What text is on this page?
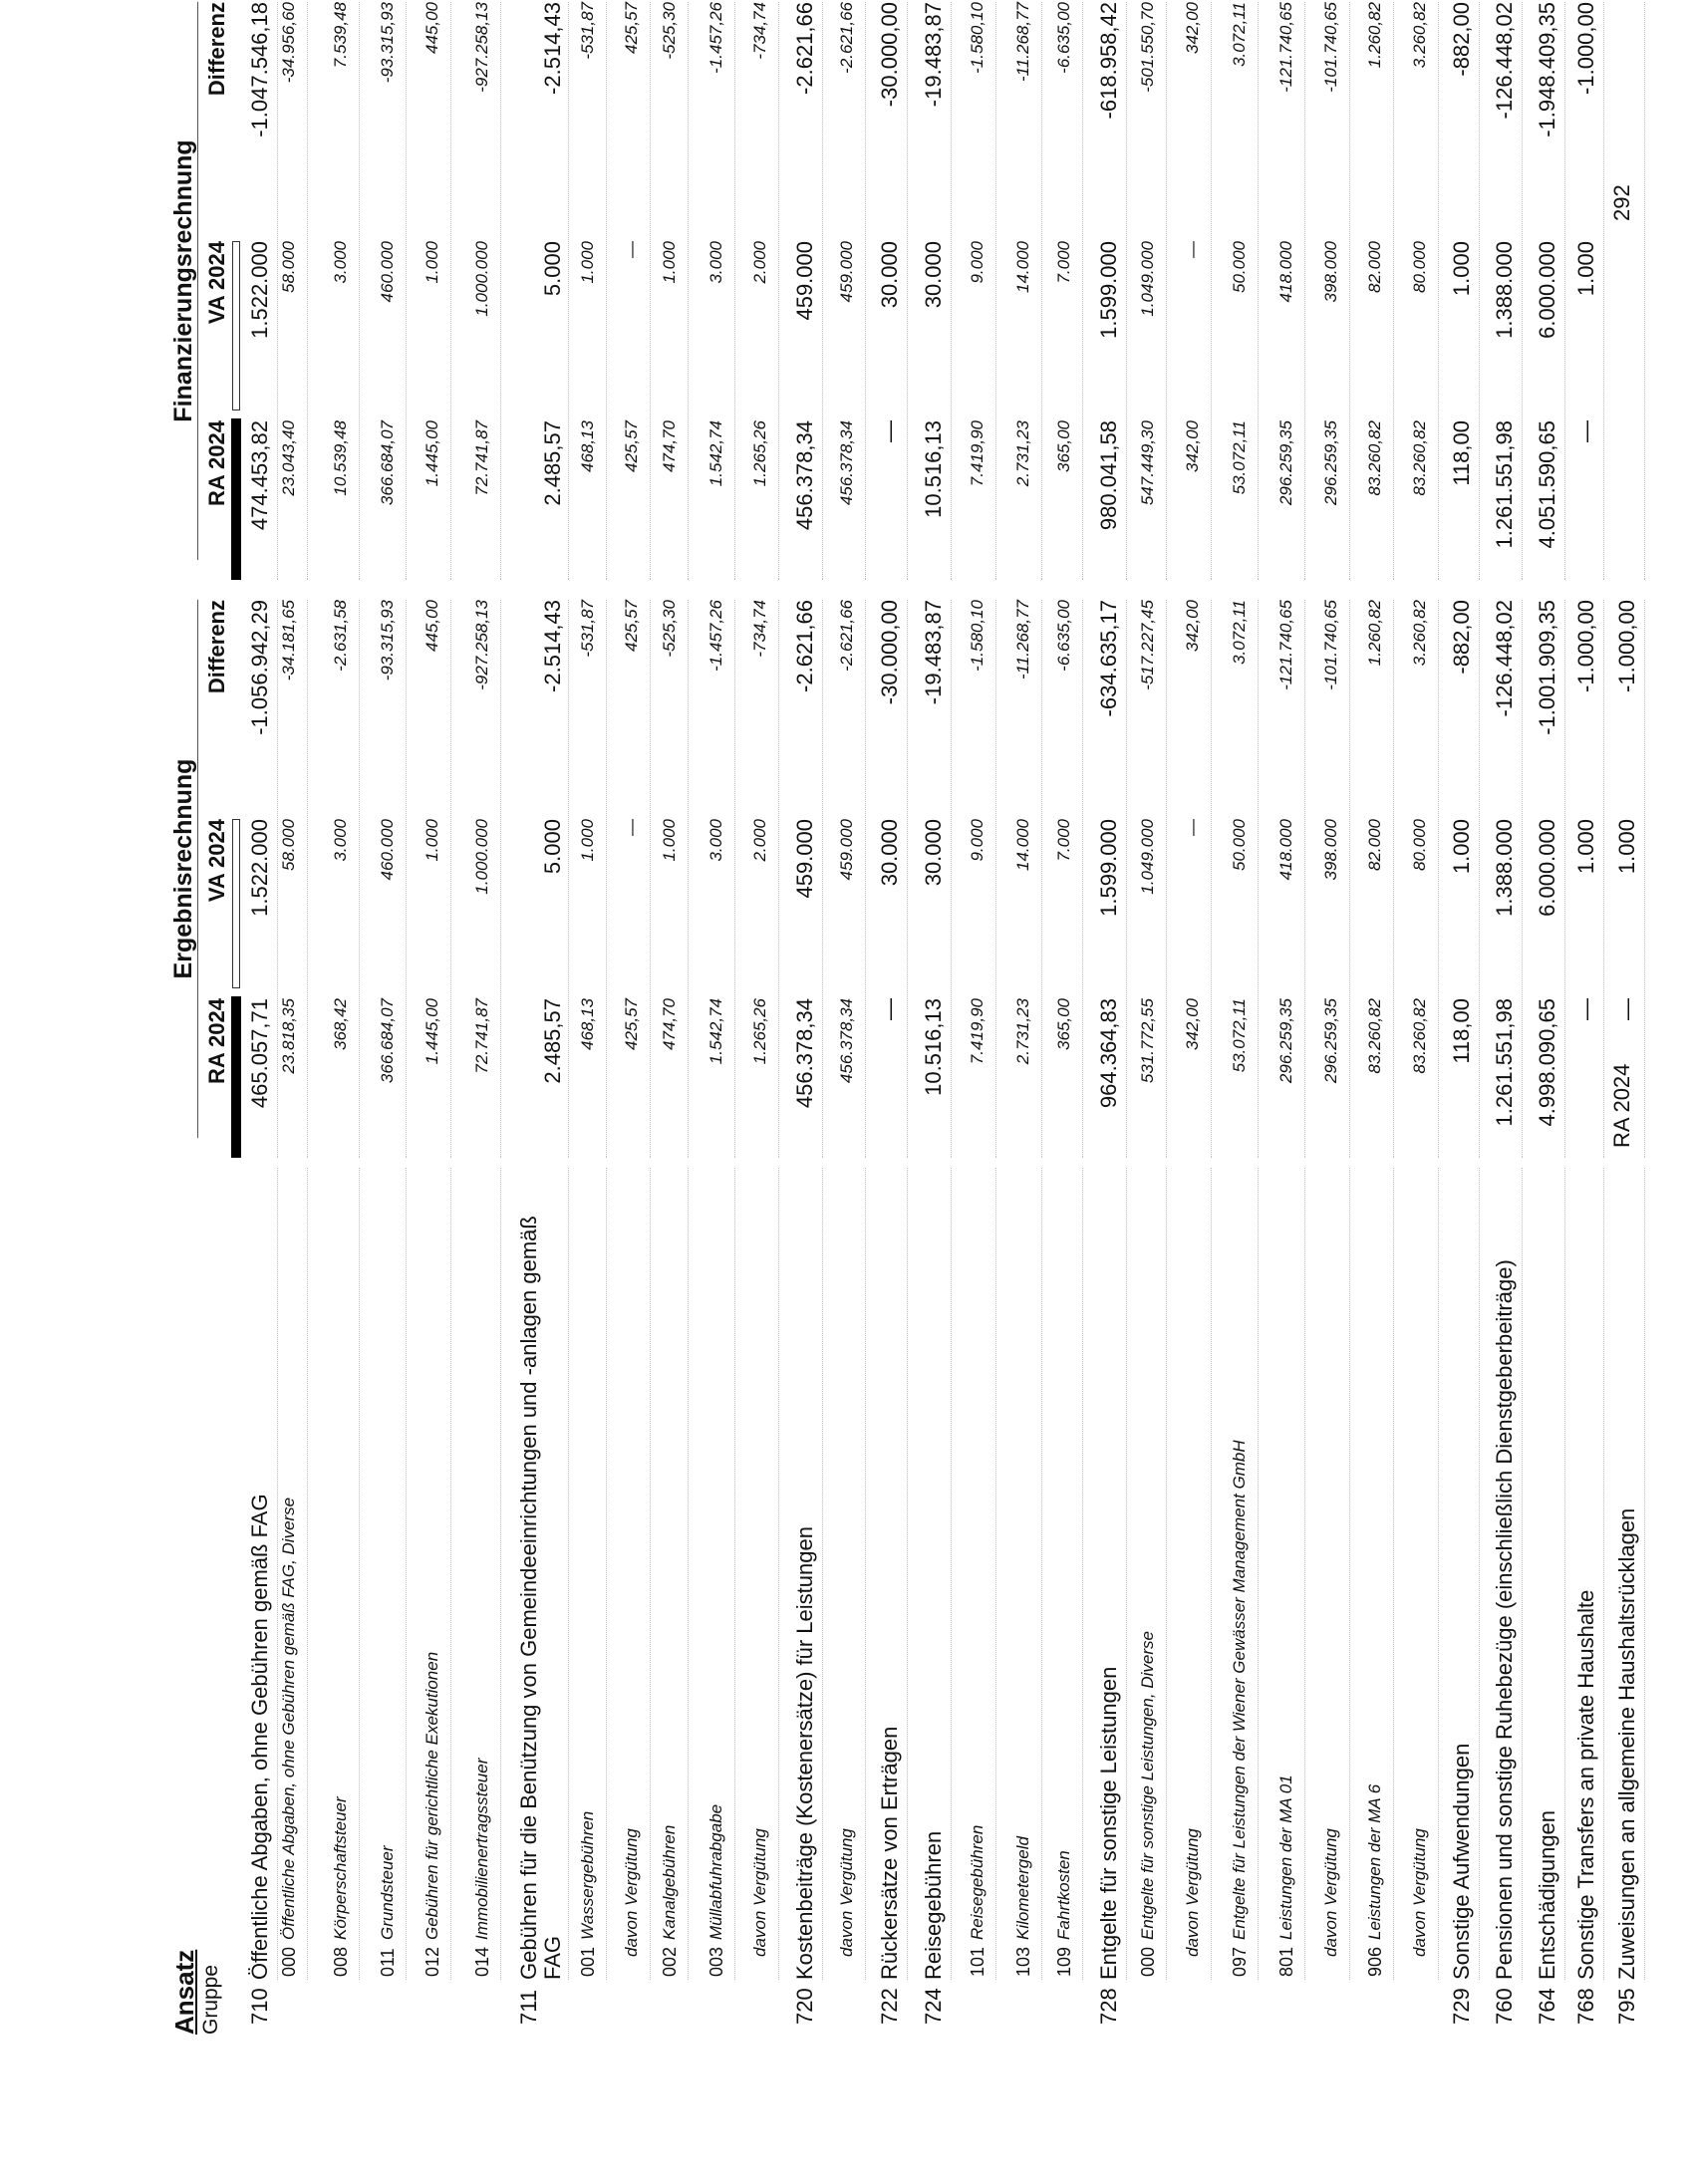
Ansatz Gruppe
Ergebnisrechnung
Finanzierungsrechnung
RA 2024
VA 2024
Differenz
RA 2024
VA 2024
Differenz
710
Öffentliche Abgaben, ohne Gebühren gemäß FAG
465.057,71
1.522.000
-1.056.942,29
474.453,82
1.522.000
-1.047.546,18
000
Öffentliche Abgaben, ohne Gebühren gemäß FAG, Diverse
23.818,35
58.000
-34.181,65
23.043,40
58.000
-34.956,60
008
Körperschaftsteuer
368,42
3.000
-2.631,58
10.539,48
3.000
7.539,48
011
Grundsteuer
366.684,07
460.000
-93.315,93
366.684,07
460.000
-93.315,93
012
Gebühren für gerichtliche Exekutionen
1.445,00
1.000
445,00
1.445,00
1.000
445,00
014
Immobilienertragssteuer
72.741,87
1.000.000
-927.258,13
72.741,87
1.000.000
-927.258,13
711
Gebühren für die Benützung von Gemeindeeinrichtungen und -anlagen gemäß FAG
2.485,57
5.000
-2.514,43
2.485,57
5.000
-2.514,43
001
Wassergebühren
468,13
1.000
-531,87
468,13
1.000
-531,87
davon Vergütung
425,57
—
425,57
425,57
—
425,57
002
Kanalgebühren
474,70
1.000
-525,30
474,70
1.000
-525,30
003
Müllabfuhrabgabe
1.542,74
3.000
-1.457,26
1.542,74
3.000
-1.457,26
davon Vergütung
1.265,26
2.000
-734,74
1.265,26
2.000
-734,74
720
Kostenbeiträge (Kostenersätze) für Leistungen
456.378,34
459.000
-2.621,66
456.378,34
459.000
-2.621,66
davon Vergütung
456.378,34
459.000
-2.621,66
456.378,34
459.000
-2.621,66
722
Rückersätze von Erträgen
—
30.000
-30.000,00
—
30.000
-30.000,00
724
Reisegebühren
10.516,13
30.000
-19.483,87
10.516,13
30.000
-19.483,87
101
Reisegebühren
7.419,90
9.000
-1.580,10
7.419,90
9.000
-1.580,10
103
Kilometergeld
2.731,23
14.000
-11.268,77
2.731,23
14.000
-11.268,77
109
Fahrtkosten
365,00
7.000
-6.635,00
365,00
7.000
-6.635,00
728
Entgelte für sonstige Leistungen
964.364,83
1.599.000
-634.635,17
980.041,58
1.599.000
-618.958,42
000
Entgelte für sonstige Leistungen, Diverse
531.772,55
1.049.000
-517.227,45
547.449,30
1.049.000
-501.550,70
davon Vergütung
342,00
—
342,00
342,00
—
342,00
097
Entgelte für Leistungen der Wiener Gewässer Management GmbH
53.072,11
50.000
3.072,11
53.072,11
50.000
3.072,11
801
Leistungen der MA 01
296.259,35
418.000
-121.740,65
296.259,35
418.000
-121.740,65
davon Vergütung
296.259,35
398.000
-101.740,65
296.259,35
398.000
-101.740,65
906
Leistungen der MA 6
83.260,82
82.000
1.260,82
83.260,82
82.000
1.260,82
davon Vergütung
83.260,82
80.000
3.260,82
83.260,82
80.000
3.260,82
729
Sonstige Aufwendungen
118,00
1.000
-882,00
118,00
1.000
-882,00
760
Pensionen und sonstige Ruhebezüge (einschließlich Dienstgeberbeiträge)
1.261.551,98
1.388.000
-126.448,02
1.261.551,98
1.388.000
-126.448,02
764
Entschädigungen
4.998.090,65
6.000.000
-1.001.909,35
4.051.590,65
6.000.000
-1.948.409,35
768
Sonstige Transfers an private Haushalte
—
1.000
-1.000,00
—
1.000
-1.000,00
795
Zuweisungen an allgemeine Haushaltsrücklagen
—
1.000
-1.000,00
RA 2024
292
